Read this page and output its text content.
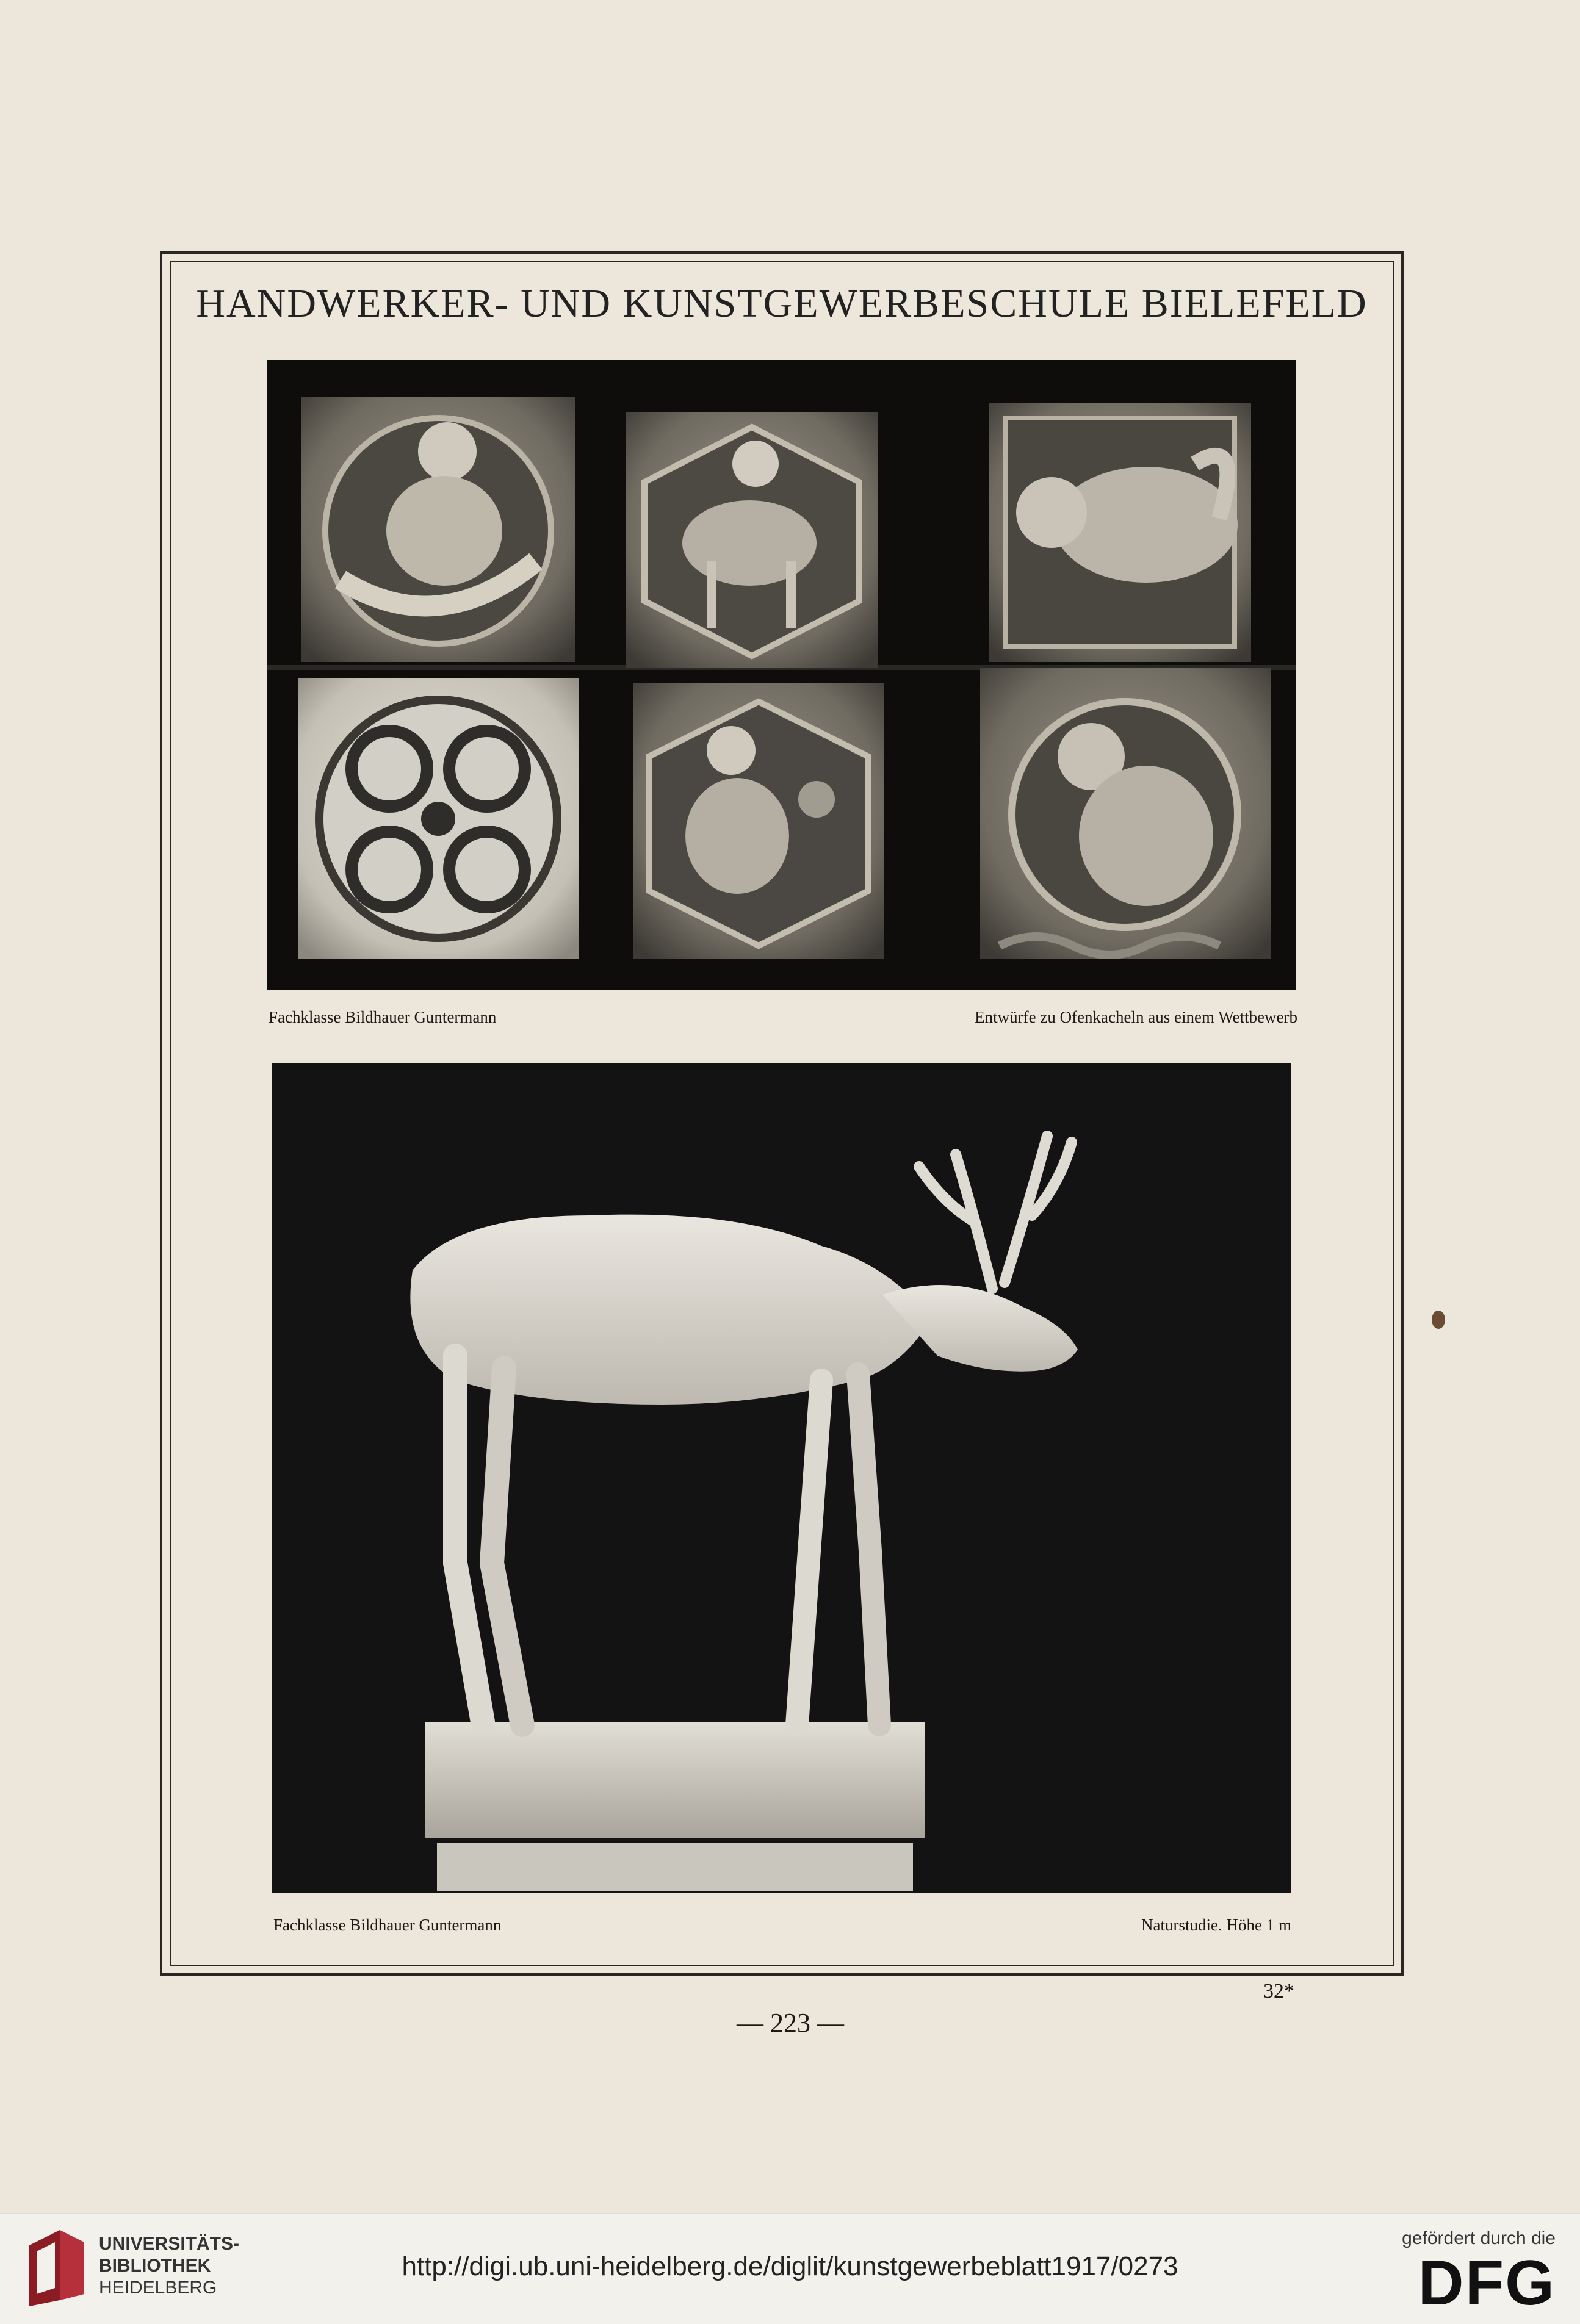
HANDWERKER- UND KUNSTGEWERBESCHULE BIELEFELD
Fachklasse Bildhauer Guntermann	Entwürfe zu Ofenkacheln aus einem Wettbewerb
Fachklasse Bildhauer Guntermann	Naturstudie. Höhe 1 m
32*
— 223 —
UNIVERSITÄTS-
BIBLIOTHEK
HEIDELBERG
http://digi.ub.uni-heidelberg.de/diglit/kunstgewerbeblatt1917/0273
gefördert durch die
DFG
